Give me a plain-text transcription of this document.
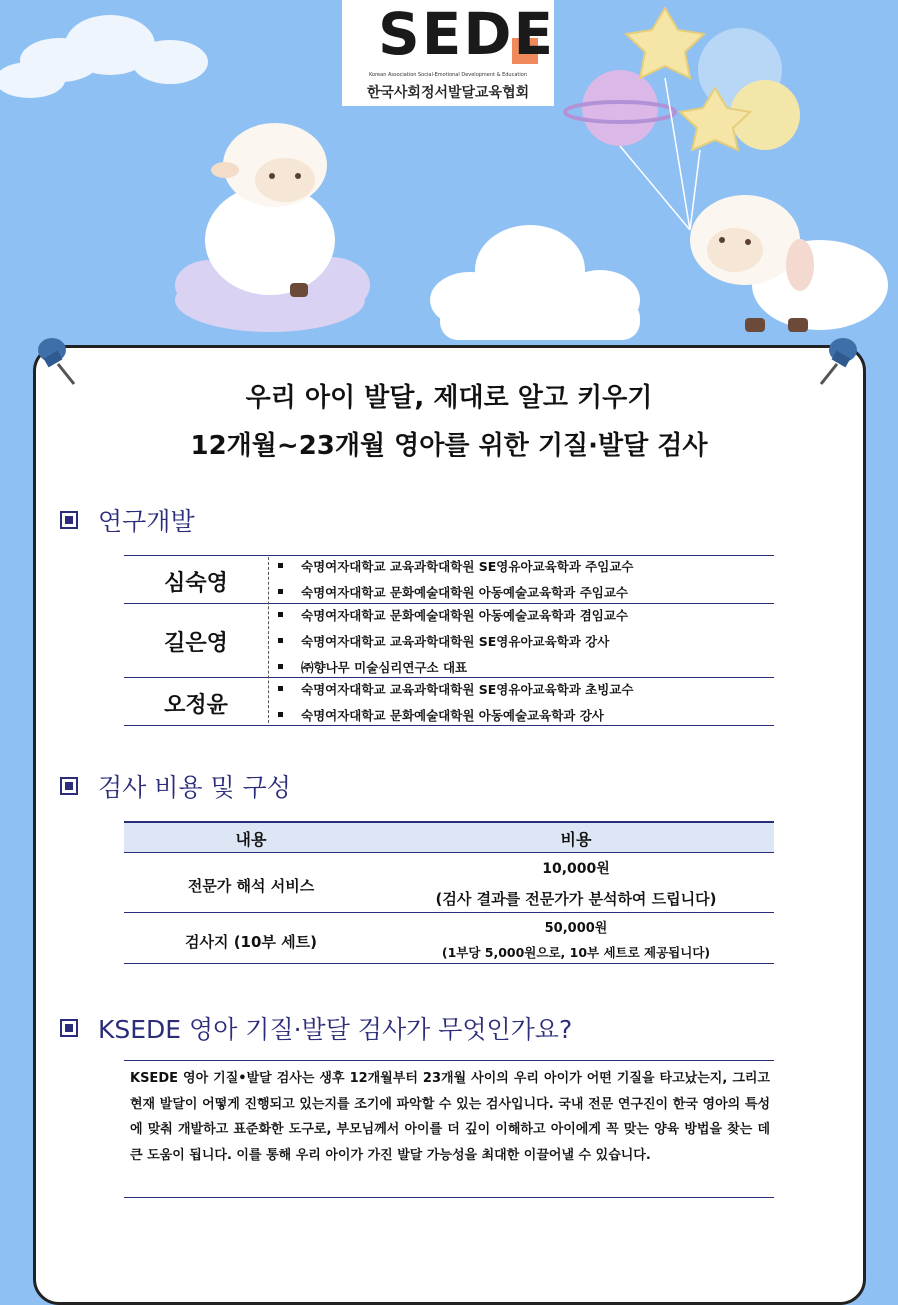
SEDE
Korean Association Social-Emotional Development & Education
한국사회정서발달교육협회
우리 아이 발달, 제대로 알고 키우기
12개월~23개월 영아를 위한 기질·발달 검사
연구개발
심숙영
숙명여자대학교 교육과학대학원 SE영유아교육학과 주임교수
숙명여자대학교 문화예술대학원 아동예술교육학과 주임교수
길은영
숙명여자대학교 문화예술대학원 아동예술교육학과 겸임교수
숙명여자대학교 교육과학대학원 SE영유아교육학과 강사
㈜향나무 미술심리연구소 대표
오정윤
숙명여자대학교 교육과학대학원 SE영유아교육학과 초빙교수
숙명여자대학교 문화예술대학원 아동예술교육학과 강사
검사 비용 및 구성
내용	비용
전문가 해석 서비스
10,000원
(검사 결과를 전문가가 분석하여 드립니다)
검사지 (10부 세트)
50,000원
(1부당 5,000원으로, 10부 세트로 제공됩니다)
KSEDE 영아 기질·발달 검사가 무엇인가요?
KSEDE 영아 기질•발달 검사는 생후 12개월부터 23개월 사이의 우리 아이가 어떤 기질을 타고났는지, 그리고 현재 발달이 어떻게 진행되고 있는지를 조기에 파악할 수 있는 검사입니다. 국내 전문 연구진이 한국 영아의 특성에 맞춰 개발하고 표준화한 도구로, 부모님께서 아이를 더 깊이 이해하고 아이에게 꼭 맞는 양육 방법을 찾는 데 큰 도움이 됩니다. 이를 통해 우리 아이가 가진 발달 가능성을 최대한 이끌어낼 수 있습니다.
